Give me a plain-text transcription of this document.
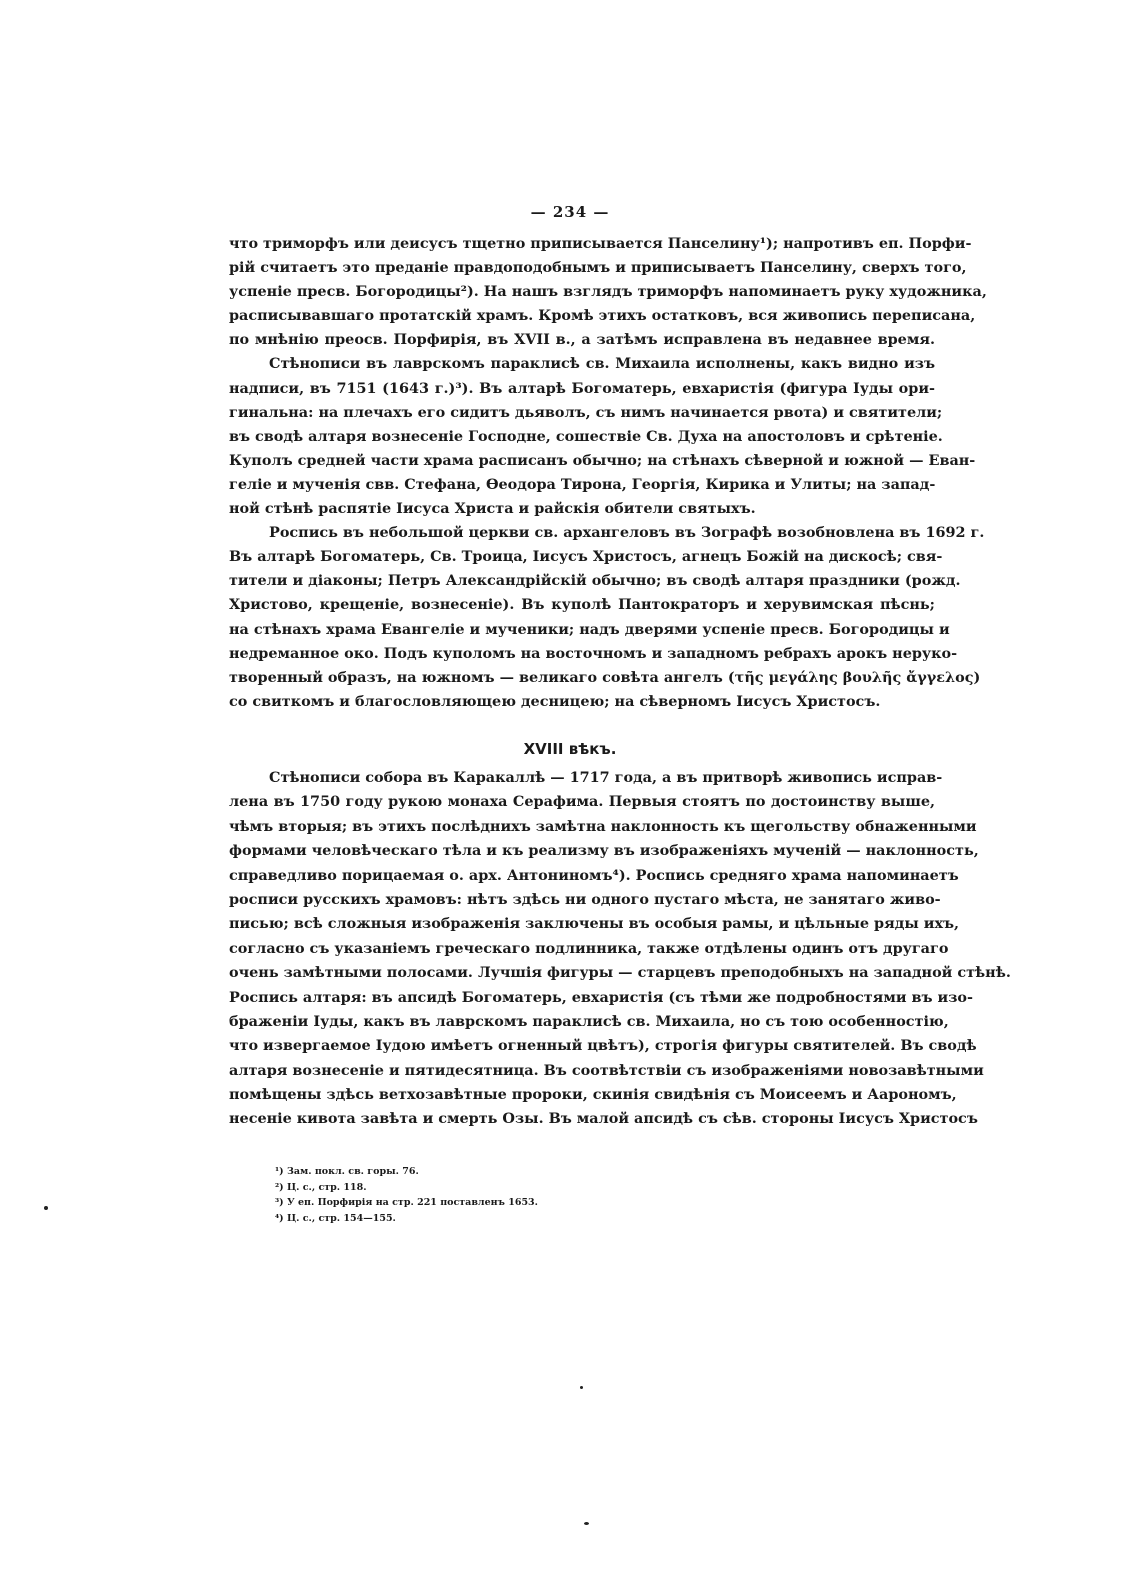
— 234 —
что триморфъ или деисусъ тщетно приписывается Панселину¹); напротивъ еп. Порфи-
рій считаетъ это преданіе правдоподобнымъ и приписываетъ Панселину, сверхъ того,
успеніе пресв. Богородицы²). На нашъ взглядъ триморфъ напоминаетъ руку художника,
расписывавшаго протатскій храмъ. Кромѣ этихъ остатковъ, вся живопись переписана,
по мнѣнію преосв. Порфирія, въ XVII в., а затѣмъ исправлена въ недавнее время.
Стѣнописи въ лаврскомъ параклисѣ св. Михаила исполнены, какъ видно изъ
надписи, въ 7151 (1643 г.)³). Въ алтарѣ Богоматерь, евхаристія (фигура Іуды ори-
гинальна: на плечахъ его сидитъ дьяволъ, съ нимъ начинается рвота) и святители;
въ сводѣ алтаря вознесеніе Господне, сошествіе Св. Духа на апостоловъ и срѣтеніе.
Куполъ средней части храма расписанъ обычно; на стѣнахъ сѣверной и южной — Еван-
геліе и мученія свв. Стефана, Ѳеодора Тирона, Георгія, Кирика и Улиты; на запад-
ной стѣнѣ распятіе Іисуса Христа и райскія обители святыхъ.
Роспись въ небольшой церкви св. архангеловъ въ Зографѣ возобновлена въ 1692 г.
Въ алтарѣ Богоматерь, Св. Троица, Іисусъ Христосъ, агнецъ Божій на дискосѣ; свя-
тители и діаконы; Петръ Александрійскій обычно; въ сводѣ алтаря праздники (рожд.
Христово, крещеніе, вознесеніе). Въ куполѣ Пантократоръ и херувимская пѣснь;
на стѣнахъ храма Евангеліе и мученики; надъ дверями успеніе пресв. Богородицы и
недреманное око. Подъ куполомъ на восточномъ и западномъ ребрахъ арокъ нерукo-
творенный образъ, на южномъ — великаго совѣта ангелъ (τῆς μεγάλης βουλῆς ἄγγελος)
со свиткомъ и благословляющею десницею; на сѣверномъ Іисусъ Христосъ.
XVIII вѣкъ.
Стѣнописи собора въ Каракаллѣ — 1717 года, а въ притворѣ живопись исправ-
лена въ 1750 году рукою монаха Серафима. Первыя стоятъ по достоинству выше,
чѣмъ вторыя; въ этихъ послѣднихъ замѣтна наклонность къ щегольству обнаженными
формами человѣческаго тѣла и къ реализму въ изображеніяхъ мученій — наклонность,
справедливо порицаемая о. арх. Антониномъ⁴). Роспись средняго храма напоминаетъ
росписи русскихъ храмовъ: нѣтъ здѣсь ни одного пустаго мѣста, не занятаго живо-
писью; всѣ сложныя изображенія заключены въ особыя рамы, и цѣльные ряды ихъ,
согласно съ указаніемъ греческаго подлинника, также отдѣлены одинъ отъ другаго
очень замѣтными полосами. Лучшія фигуры — старцевъ преподобныхъ на западной стѣнѣ.
Роспись алтаря: въ апсидѣ Богоматерь, евхаристія (съ тѣми же подробностями въ изо-
браженіи Іуды, какъ въ лаврскомъ параклисѣ св. Михаила, но съ тою особенностію,
что извергаемое Іудою имѣетъ огненный цвѣтъ), строгія фигуры святителей. Въ сводѣ
алтаря вознесеніе и пятидесятница. Въ соотвѣтствіи съ изображеніями новозавѣтными
помѣщены здѣсь ветхозавѣтные пророки, скинія свидѣнія съ Моисеемъ и Аарономъ,
несеніе кивота завѣта и смерть Озы. Въ малой апсидѣ съ сѣв. стороны Іисусъ Христосъ
¹) Зам. покл. св. горы. 76.
²) Ц. с., стр. 118.
³) У еп. Порфирія на стр. 221 поставленъ 1653.
⁴) Ц. с., стр. 154—155.
